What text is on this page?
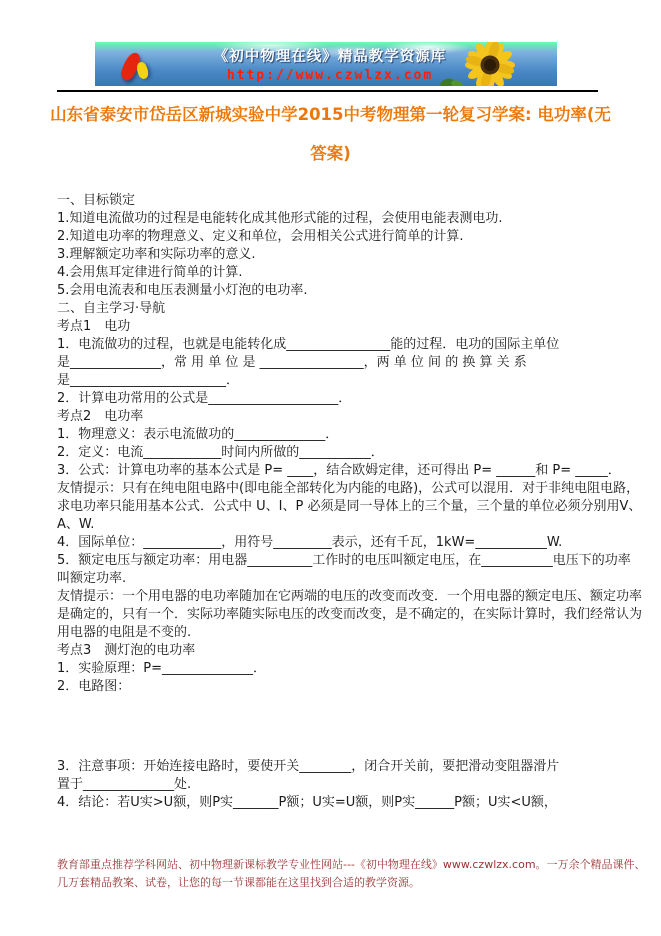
《初中物理在线》精品教学资源库
http://www.czwlzx.com
山东省泰安市岱岳区新城实验中学2015中考物理第一轮复习学案: 电功率(无
答案)
一、目标锁定
1.知道电流做功的过程是电能转化成其他形式能的过程，会使用电能表测电功.
2.知道电功率的物理意义、定义和单位，会用相关公式进行简单的计算.
3.理解额定功率和实际功率的意义.
4.会用焦耳定律进行简单的计算.
5.会用电流表和电压表测量小灯泡的电功率.
二、自主学习·导航
考点1　电功
1．电流做功的过程，也就是电能转化成________________能的过程．电功的国际主单位
是______________，常 用 单 位 是 ________________，两 单 位 间 的 换 算 关 系
是________________________．
2．计算电功常用的公式是____________________．
考点2　电功率
1．物理意义：表示电流做功的______________．
2．定义：电流____________时间内所做的___________．
3．公式：计算电功率的基本公式是 P= ____，结合欧姆定律，还可得出 P= ______和 P= _____．
友情提示：只有在纯电阻电路中(即电能全部转化为内能的电路)，公式可以混用．对于非纯电阻电路，
求电功率只能用基本公式．公式中 U、I、P 必须是同一导体上的三个量，三个量的单位必须分别用V、
A、W.
4．国际单位：____________，用符号_________表示，还有千瓦，1kW=___________W.
5．额定电压与额定功率：用电器__________工作时的电压叫额定电压，在___________电压下的功率
叫额定功率.
友情提示：一个用电器的电功率随加在它两端的电压的改变而改变．一个用电器的额定电压、额定功率
是确定的，只有一个．实际功率随实际电压的改变而改变，是不确定的，在实际计算时，我们经常认为
用电器的电阻是不变的.
考点3　测灯泡的电功率
1．实验原理：P=______________．
2．电路图：
3．注意事项：开始连接电路时，要使开关________，闭合开关前，要把滑动变阻器滑片
置于______________处.
4．结论：若U实>U额，则P实_______P额；U实=U额，则P实______P额；U实<U额，
教育部重点推荐学科网站、初中物理新课标教学专业性网站---《初中物理在线》www.czwlzx.com。一万余个精品课件、
几万套精品教案、试卷，让您的每一节课都能在这里找到合适的教学资源。
